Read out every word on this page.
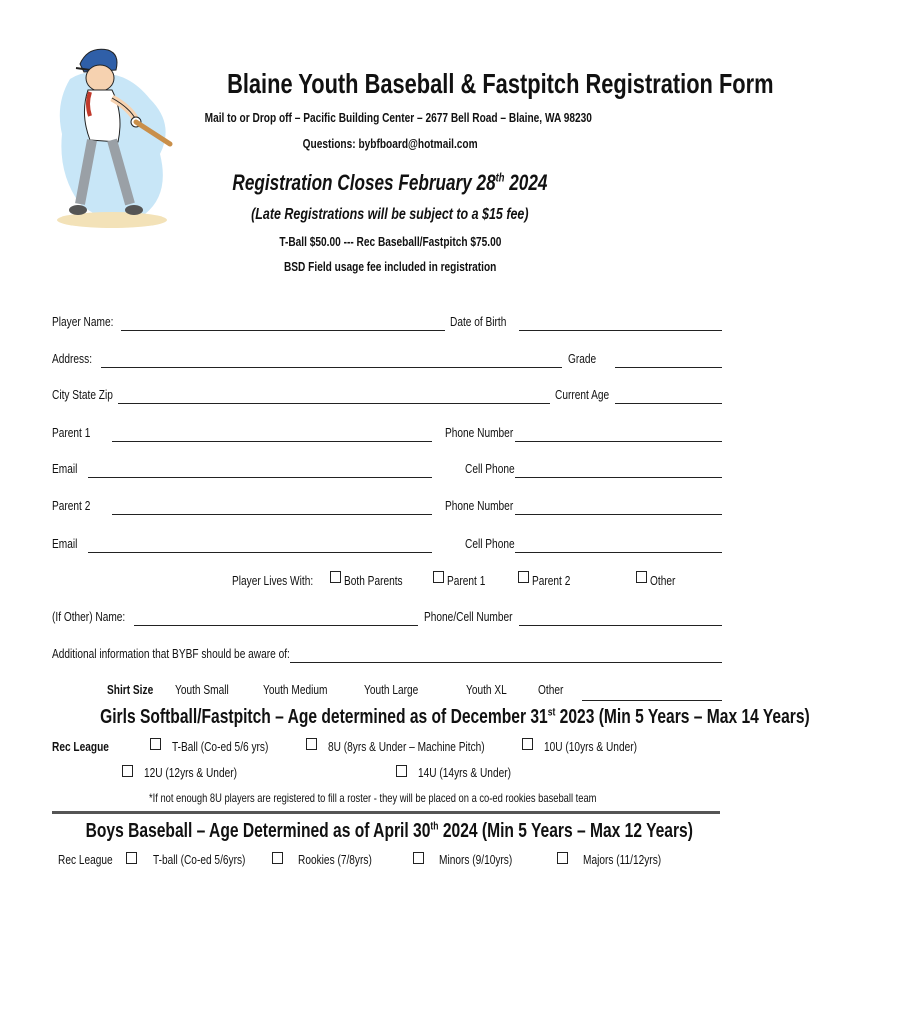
Blaine Youth Baseball & Fastpitch Registration Form
Mail to or Drop off – Pacific Building Center – 2677 Bell Road – Blaine, WA 98230
Questions: bybfboard@hotmail.com
Registration Closes February 28th 2024
(Late Registrations will be subject to a $15 fee)
T-Ball $50.00 --- Rec Baseball/Fastpitch $75.00
BSD Field usage fee included in registration
Player Name:	Date of Birth
Address:	Grade
City State Zip	Current Age
Parent 1	Phone Number
Email	Cell Phone
Parent 2	Phone Number
Email	Cell Phone
Player Lives With:	Both Parents	Parent 1	Parent 2	Other
(If Other) Name:	Phone/Cell Number
Additional information that BYBF should be aware of:
Shirt Size	Youth Small	Youth Medium	Youth Large	Youth XL	Other
Girls Softball/Fastpitch – Age determined as of December 31st 2023 (Min 5 Years – Max 14 Years)
Rec League	T-Ball (Co-ed 5/6 yrs)	8U (8yrs & Under – Machine Pitch)	10U (10yrs & Under)
12U (12yrs & Under)	14U (14yrs & Under)
*If not enough 8U players are registered to fill a roster - they will be placed on a co-ed rookies baseball team
Boys Baseball – Age Determined as of April 30th 2024 (Min 5 Years – Max 12 Years)
Rec League	T-ball (Co-ed 5/6yrs)	Rookies (7/8yrs)	Minors (9/10yrs)	Majors (11/12yrs)
